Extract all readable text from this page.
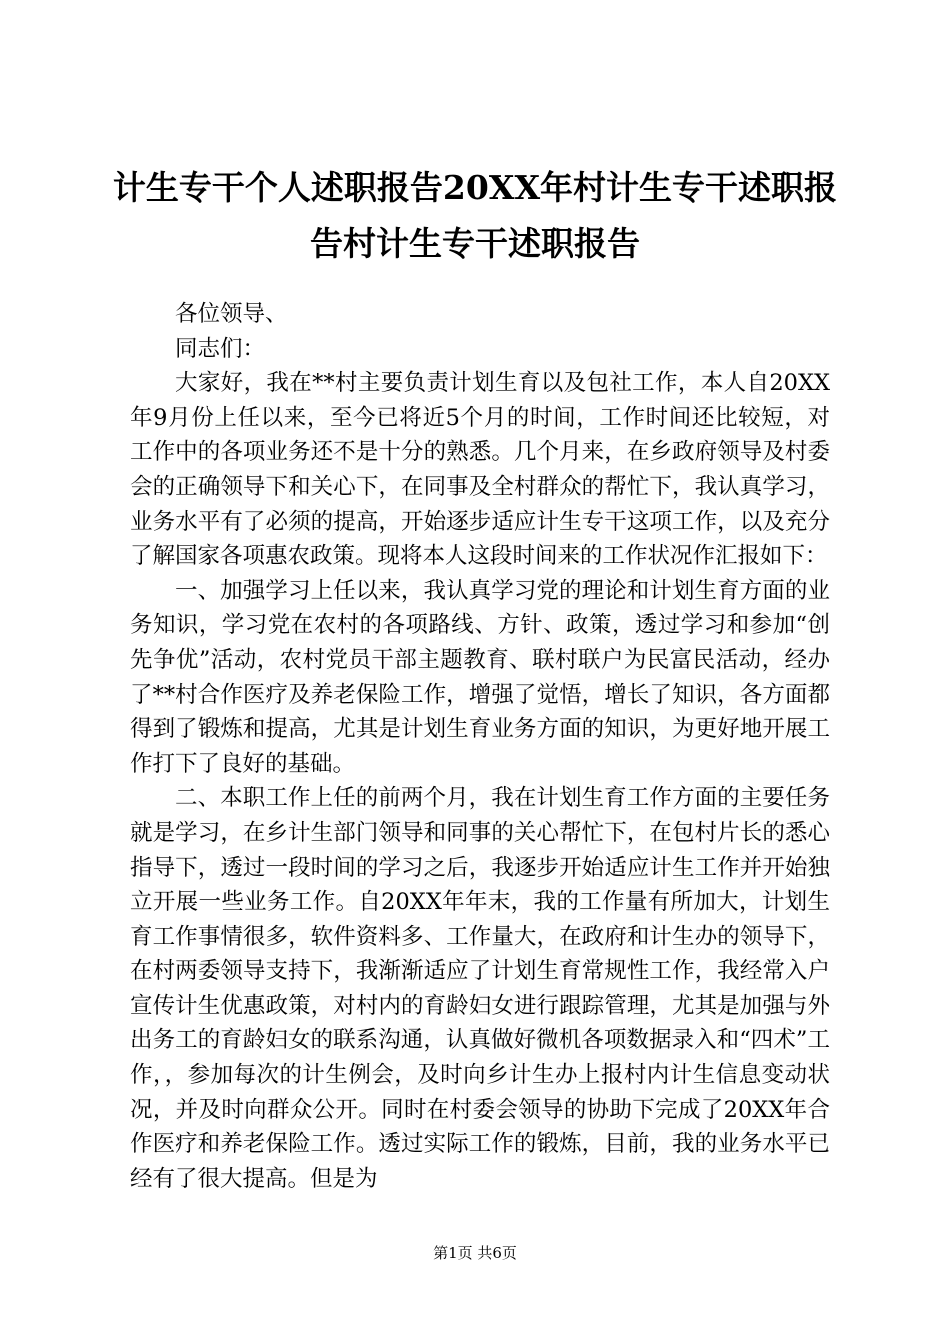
计生专干个人述职报告20XX年村计生专干述职报告村计生专干述职报告

各位领导、

同志们：

大家好，我在**村主要负责计划生育以及包社工作，本人自20XX年9月份上任以来，至今已将近5个月的时间，工作时间还比较短，对工作中的各项业务还不是十分的熟悉。几个月来，在乡政府领导及村委会的正确领导下和关心下，在同事及全村群众的帮忙下，我认真学习，业务水平有了必须的提高，开始逐步适应计生专干这项工作，以及充分了解国家各项惠农政策。现将本人这段时间来的工作状况作汇报如下：

一、加强学习上任以来，我认真学习党的理论和计划生育方面的业务知识，学习党在农村的各项路线、方针、政策，透过学习和参加“创先争优”活动，农村党员干部主题教育、联村联户为民富民活动，经办了**村合作医疗及养老保险工作，增强了觉悟，增长了知识，各方面都得到了锻炼和提高，尤其是计划生育业务方面的知识，为更好地开展工作打下了良好的基础。

二、本职工作上任的前两个月，我在计划生育工作方面的主要任务就是学习，在乡计生部门领导和同事的关心帮忙下，在包村片长的悉心指导下，透过一段时间的学习之后，我逐步开始适应计生工作并开始独立开展一些业务工作。自20XX年年末，我的工作量有所加大，计划生育工作事情很多，软件资料多、工作量大，在政府和计生办的领导下，在村两委领导支持下，我渐渐适应了计划生育常规性工作，我经常入户宣传计生优惠政策，对村内的育龄妇女进行跟踪管理，尤其是加强与外出务工的育龄妇女的联系沟通，认真做好微机各项数据录入和“四术”工作，，参加每次的计生例会，及时向乡计生办上报村内计生信息变动状况，并及时向群众公开。同时在村委会领导的协助下完成了20XX年合作医疗和养老保险工作。透过实际工作的锻炼，目前，我的业务水平已经有了很大提高。但是为

第1页 共6页
